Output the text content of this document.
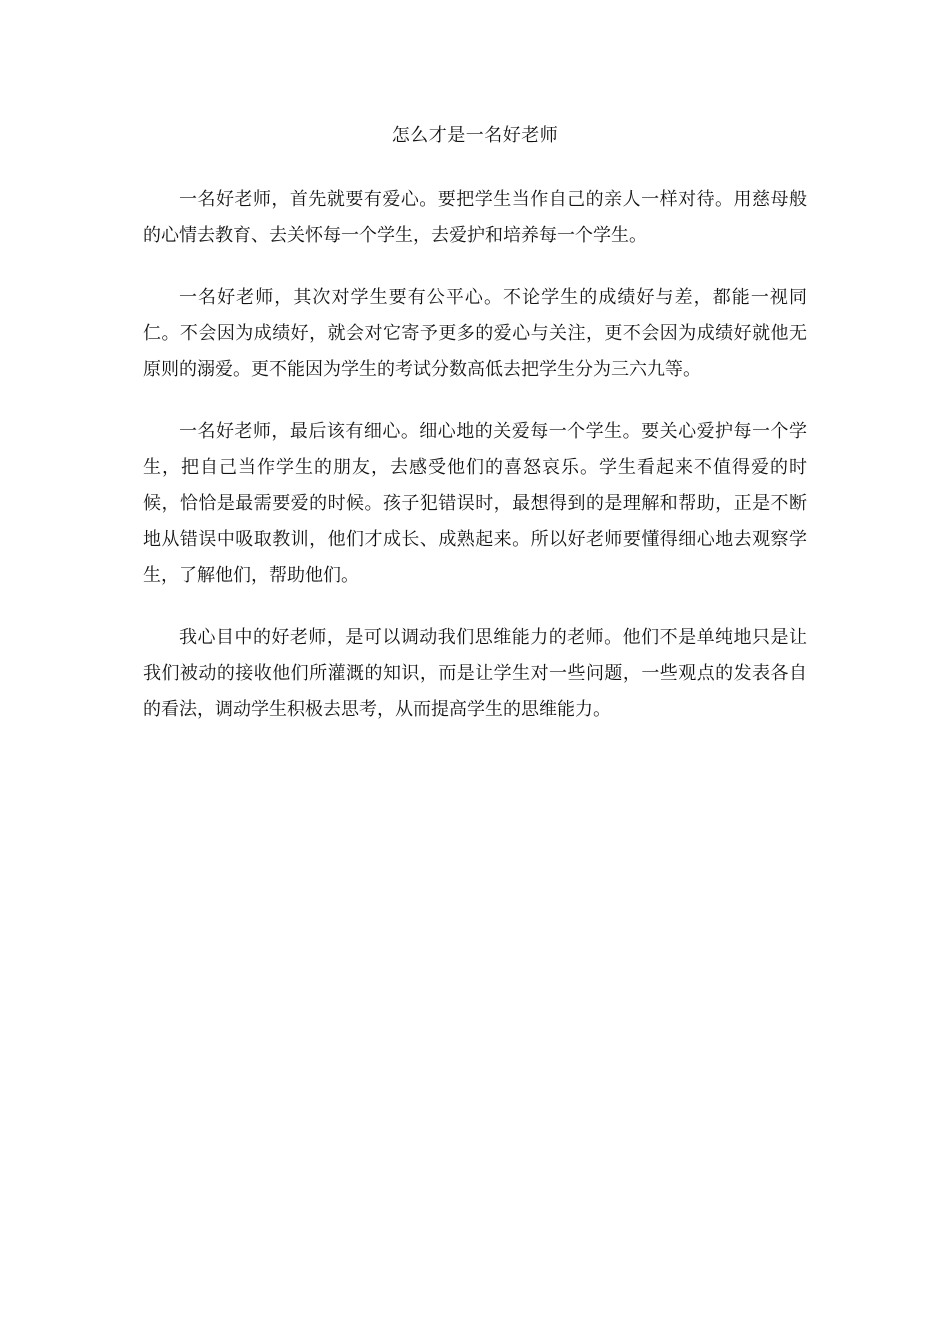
怎么才是一名好老师

一名好老师，首先就要有爱心。要把学生当作自己的亲人一样对待。用慈母般的心情去教育、去关怀每一个学生，去爱护和培养每一个学生。

一名好老师，其次对学生要有公平心。不论学生的成绩好与差，都能一视同仁。不会因为成绩好，就会对它寄予更多的爱心与关注，更不会因为成绩好就他无原则的溺爱。更不能因为学生的考试分数高低去把学生分为三六九等。

一名好老师，最后该有细心。细心地的关爱每一个学生。要关心爱护每一个学生，把自己当作学生的朋友，去感受他们的喜怒哀乐。学生看起来不值得爱的时候，恰恰是最需要爱的时候。孩子犯错误时，最想得到的是理解和帮助，正是不断地从错误中吸取教训，他们才成长、成熟起来。所以好老师要懂得细心地去观察学生，了解他们，帮助他们。

我心目中的好老师，是可以调动我们思维能力的老师。他们不是单纯地只是让我们被动的接收他们所灌溉的知识，而是让学生对一些问题，一些观点的发表各自的看法，调动学生积极去思考，从而提高学生的思维能力。
